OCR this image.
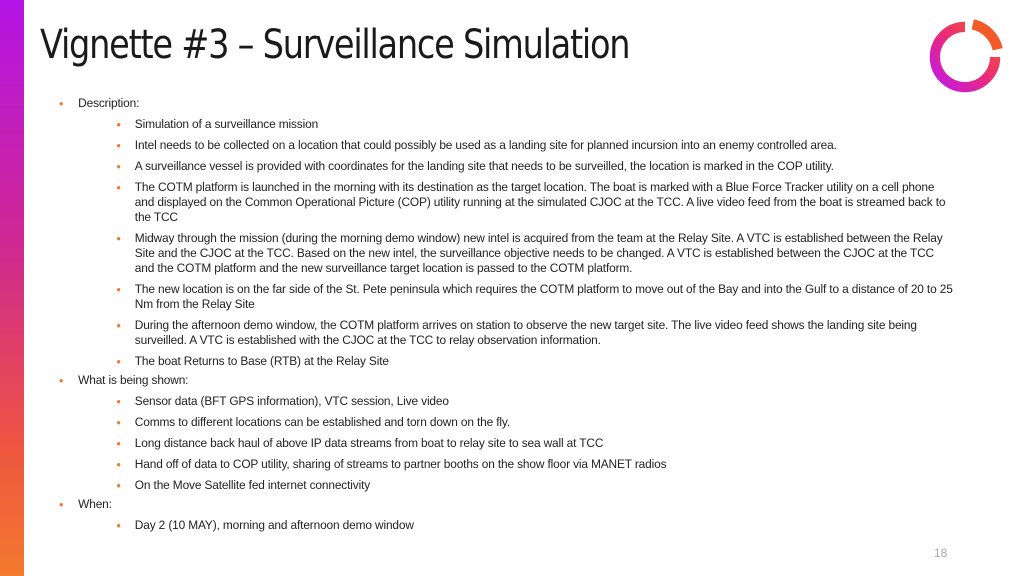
Vignette #3 – Surveillance Simulation
• Description:
• Simulation of a surveillance mission
• Intel needs to be collected on a location that could possibly be used as a landing site for planned incursion into an enemy controlled area.
• A surveillance vessel is provided with coordinates for the landing site that needs to be surveilled, the location is marked in the COP utility.
• The COTM platform is launched in the morning with its destination as the target location. The boat is marked with a Blue Force Tracker utility on a cell phone and displayed on the Common Operational Picture (COP) utility running at the simulated CJOC at the TCC. A live video feed from the boat is streamed back to the TCC
• Midway through the mission (during the morning demo window) new intel is acquired from the team at the Relay Site. A VTC is established between the Relay Site and the CJOC at the TCC. Based on the new intel, the surveillance objective needs to be changed. A VTC is established between the CJOC at the TCC and the COTM platform and the new surveillance target location is passed to the COTM platform.
• The new location is on the far side of the St. Pete peninsula which requires the COTM platform to move out of the Bay and into the Gulf to a distance of 20 to 25 Nm from the Relay Site
• During the afternoon demo window, the COTM platform arrives on station to observe the new target site. The live video feed shows the landing site being surveilled. A VTC is established with the CJOC at the TCC to relay observation information.
• The boat Returns to Base (RTB) at the Relay Site
• What is being shown:
• Sensor data (BFT GPS information), VTC session, Live video
• Comms to different locations can be established and torn down on the fly.
• Long distance back haul of above IP data streams from boat to relay site to sea wall at TCC
• Hand off of data to COP utility, sharing of streams to partner booths on the show floor via MANET radios
• On the Move Satellite fed internet connectivity
• When:
• Day 2 (10 MAY), morning and afternoon demo window
18
